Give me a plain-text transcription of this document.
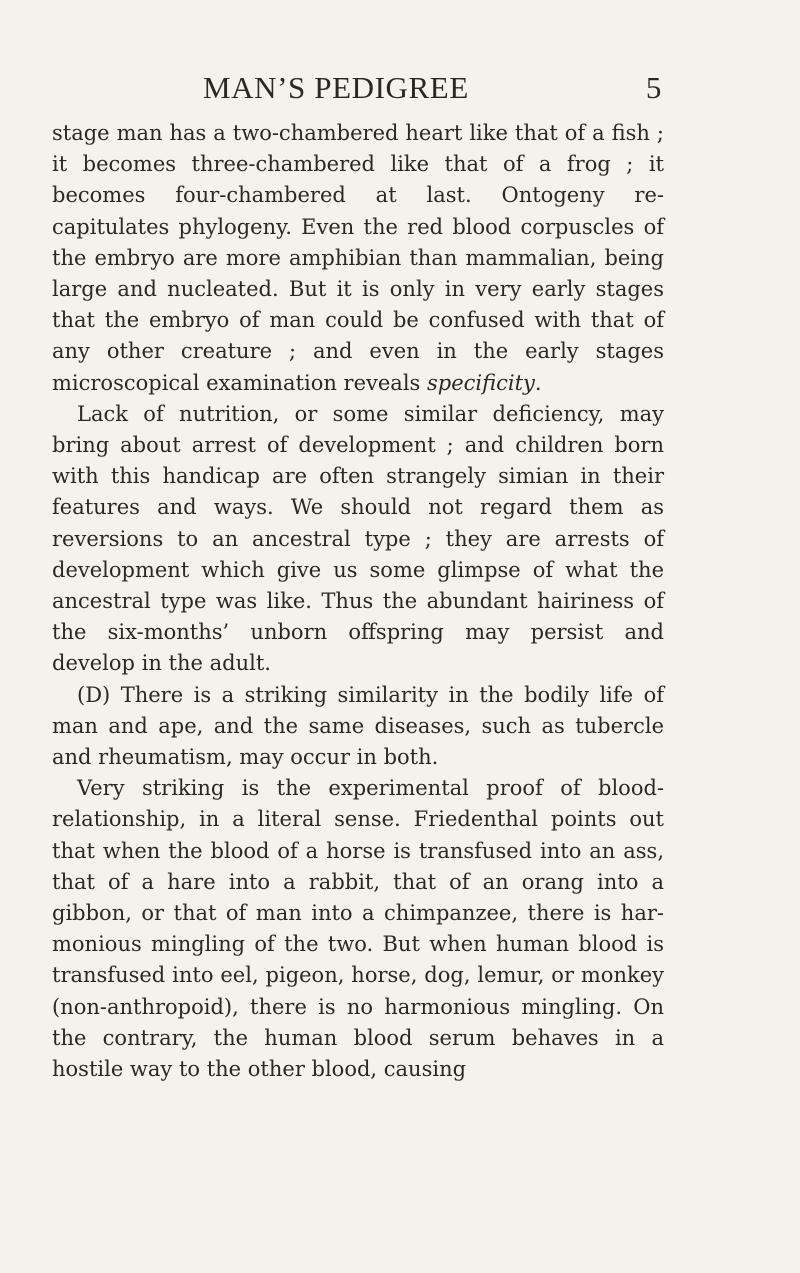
MAN’S PEDIGREE	5

stage man has a two-chambered heart like that of a fish ; it becomes three-chambered like that of a frog ; it becomes four-chambered at last. Ontogeny re-capitulates phylogeny. Even the red blood corpuscles of the embryo are more amphibian than mammalian, being large and nucleated. But it is only in very early stages that the embryo of man could be confused with that of any other creature ; and even in the early stages microscopical examination reveals specificity.

Lack of nutrition, or some similar deficiency, may bring about arrest of development ; and children born with this handicap are often strangely simian in their features and ways. We should not regard them as reversions to an ancestral type ; they are arrests of development which give us some glimpse of what the ancestral type was like. Thus the abundant hairiness of the six-months’ unborn offspring may persist and develop in the adult.

(D) There is a striking similarity in the bodily life of man and ape, and the same diseases, such as tubercle and rheumatism, may occur in both.

Very striking is the experimental proof of blood-relationship, in a literal sense. Friedenthal points out that when the blood of a horse is transfused into an ass, that of a hare into a rabbit, that of an orang into a gibbon, or that of man into a chimpanzee, there is har-monious mingling of the two. But when human blood is transfused into eel, pigeon, horse, dog, lemur, or monkey (non-anthropoid), there is no harmonious mingling. On the contrary, the human blood serum behaves in a hostile way to the other blood, causing
